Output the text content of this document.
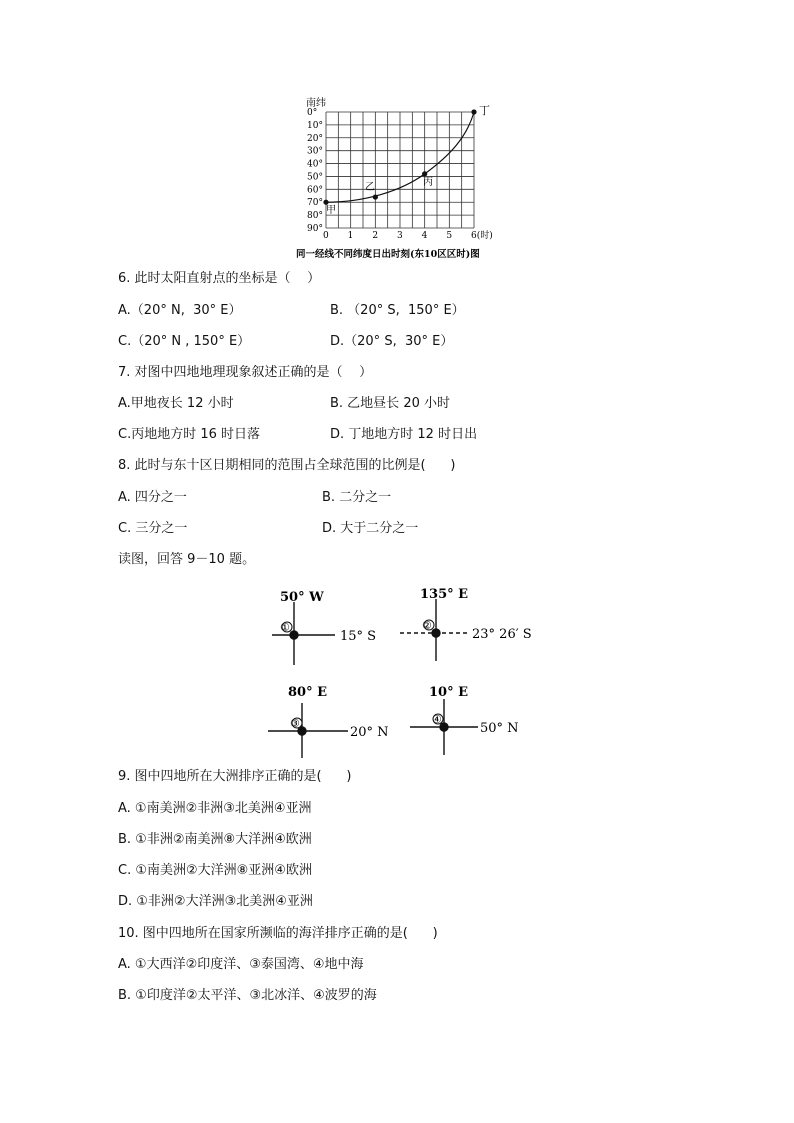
南纬
0°
10°
20°
30°
40°
50°
60°
70°
80°
90°
0 1 2 3 4 5 6(时)
甲
乙	丙
丁
同一经线不同纬度日出时刻(东10区区时)图
6. 此时太阳直射点的坐标是（    ）
A.（20° N,  30° E）	B. （20° S,  150° E）
C.（20° N , 150° E）	D.（20° S,  30° E）
7. 对图中四地地理现象叙述正确的是（    ）
A.甲地夜长 12 小时	B. 乙地昼长 20 小时
C.丙地地方时 16 时日落	D. 丁地地方时 12 时日出
8. 此时与东十区日期相同的范围占全球范围的比例是(      )
A. 四分之一	B. 二分之一
C. 三分之一	D. 大于二分之一
读图，回答 9－10 题。
①
50° W
15° S
②
135° E
23° 26′ S
③
80° E
20° N
④
10° E
50° N
9. 图中四地所在大洲排序正确的是(      )
A. ①南美洲②非洲③北美洲④亚洲
B. ①非洲②南美洲⑧大洋洲④欧洲
C. ①南美洲②大洋洲⑧亚洲④欧洲
D. ①非洲②大洋洲③北美洲④亚洲
10. 图中四地所在国家所濒临的海洋排序正确的是(      )
A. ①大西洋②印度洋、③泰国湾、④地中海
B. ①印度洋②太平洋、③北冰洋、④波罗的海
